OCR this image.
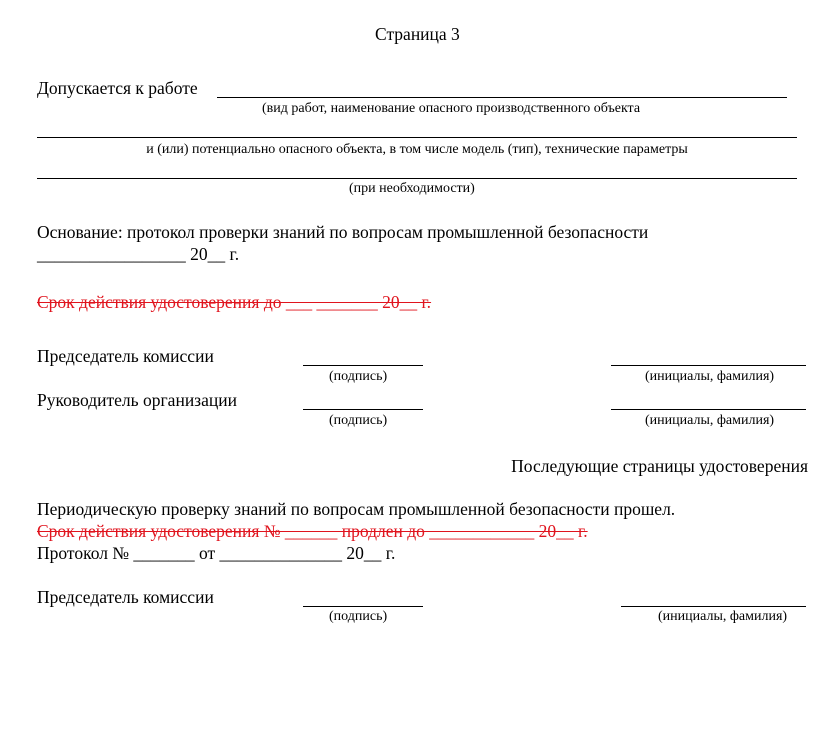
Страница 3
Допускается к работе
(вид работ, наименование опасного производственного объекта
и (или) потенциально опасного объекта, в том числе модель (тип), технические параметры
(при необходимости)
Основание: протокол проверки знаний по вопросам промышленной безопасности
_________________ 20__ г.
Срок действия удостоверения до ___ _______ 20__ г.
Председатель комиссии
(подпись)	(инициалы, фамилия)
Руководитель организации
(подпись)	(инициалы, фамилия)
Последующие страницы удостоверения
Периодическую проверку знаний по вопросам промышленной безопасности прошел.
Срок действия удостоверения № ______ продлен до ____________ 20__ г.
Протокол № _______ от ______________ 20__ г.
Председатель комиссии
(подпись)	(инициалы, фамилия)
